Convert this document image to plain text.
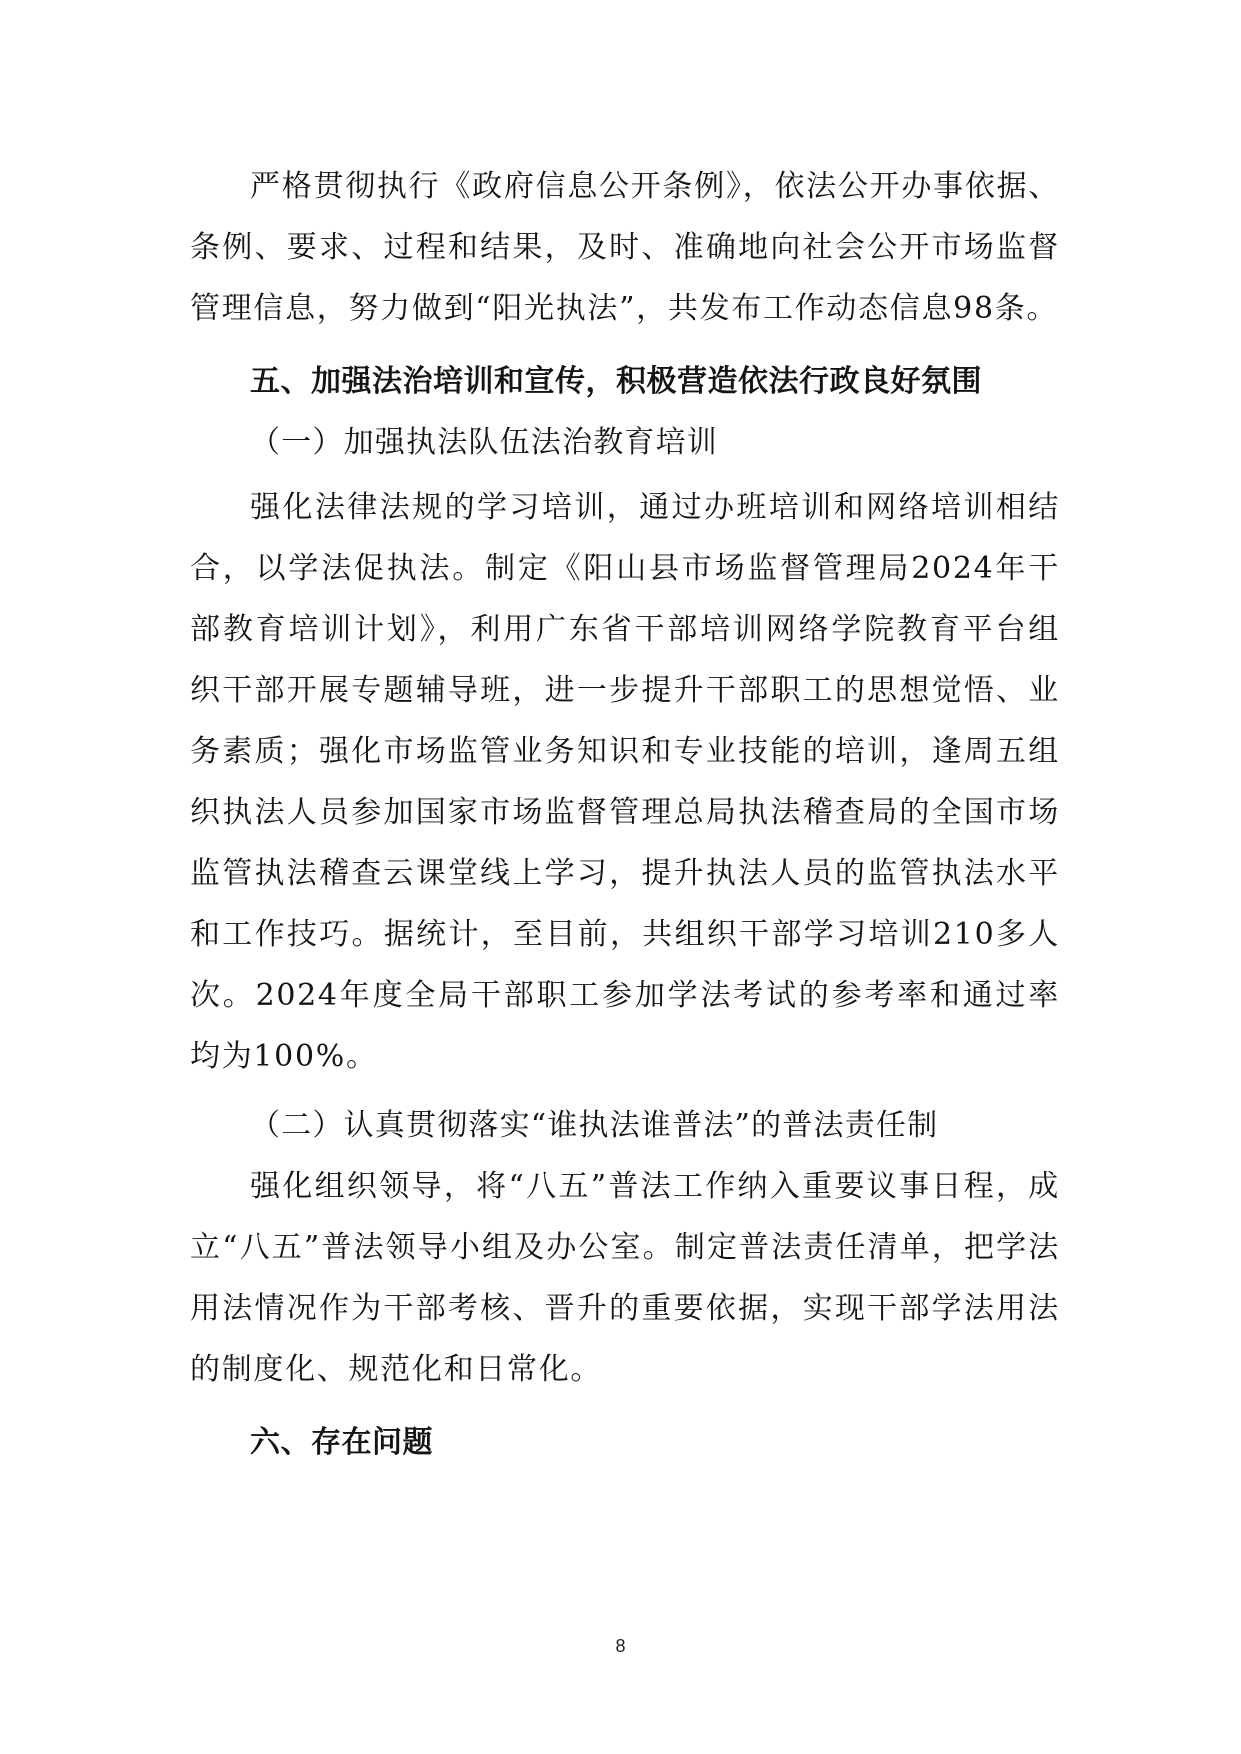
严格贯彻执行《政府信息公开条例》，依法公开办事依据、条例、要求、过程和结果，及时、准确地向社会公开市场监督管理信息，努力做到“阳光执法”，共发布工作动态信息98条。

五、加强法治培训和宣传，积极营造依法行政良好氛围

（一）加强执法队伍法治教育培训

强化法律法规的学习培训，通过办班培训和网络培训相结合，以学法促执法。制定《阳山县市场监督管理局2024年干部教育培训计划》，利用广东省干部培训网络学院教育平台组织干部开展专题辅导班，进一步提升干部职工的思想觉悟、业务素质；强化市场监管业务知识和专业技能的培训，逢周五组织执法人员参加国家市场监督管理总局执法稽查局的全国市场监管执法稽查云课堂线上学习，提升执法人员的监管执法水平和工作技巧。据统计，至目前，共组织干部学习培训210多人次。2024年度全局干部职工参加学法考试的参考率和通过率均为100%。

（二）认真贯彻落实“谁执法谁普法”的普法责任制

强化组织领导，将“八五”普法工作纳入重要议事日程，成立“八五”普法领导小组及办公室。制定普法责任清单，把学法用法情况作为干部考核、晋升的重要依据，实现干部学法用法的制度化、规范化和日常化。

六、存在问题

8
